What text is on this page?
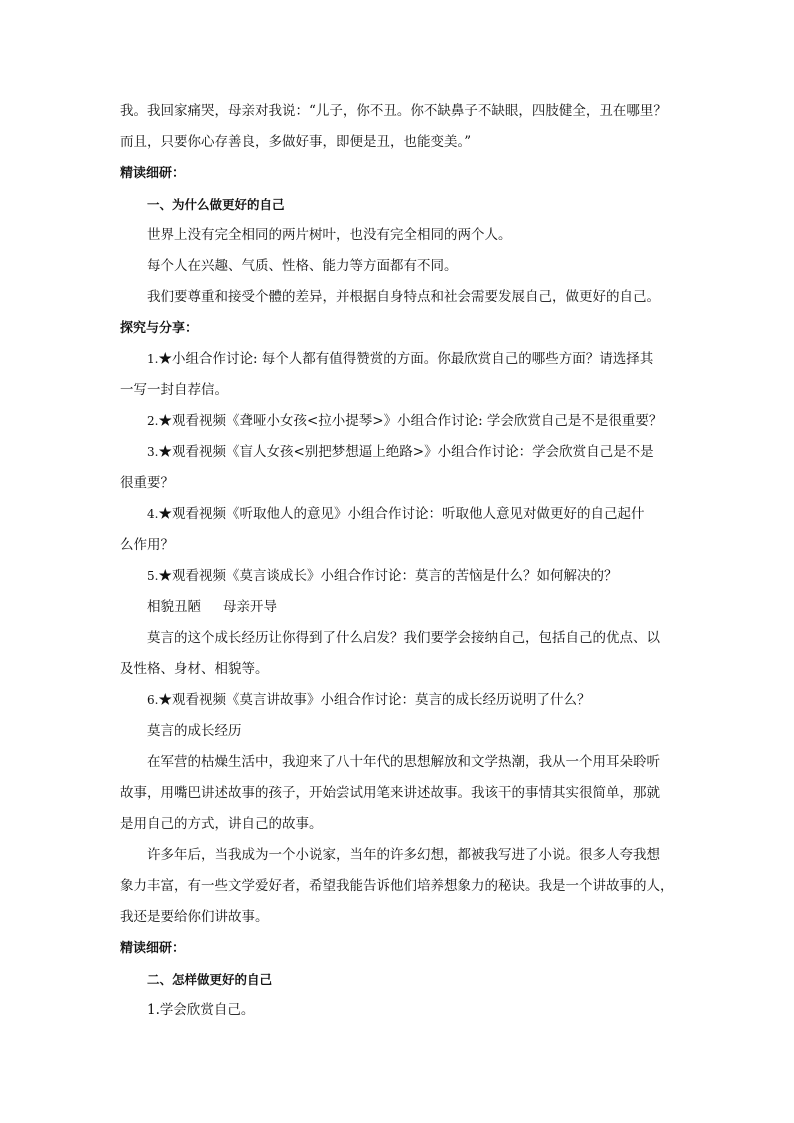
我。我回家痛哭，母亲对我说：“儿子，你不丑。你不缺鼻子不缺眼，四肢健全，丑在哪里？
而且，只要你心存善良，多做好事，即便是丑，也能变美。”
精读细研：
一、为什么做更好的自己
世界上没有完全相同的两片树叶，也没有完全相同的两个人。
每个人在兴趣、气质、性格、能力等方面都有不同。
我们要尊重和接受个體的差异，并根据自身特点和社会需要发展自己，做更好的自己。
探究与分享：
1.★小组合作讨论: 每个人都有值得赞赏的方面。你最欣赏自己的哪些方面？请选择其
一写一封自荐信。
2.★观看视频《聋哑小女孩<拉小提琴>》小组合作讨论: 学会欣赏自己是不是很重要？
3.★观看视频《盲人女孩<别把梦想逼上绝路>》小组合作讨论：学会欣赏自己是不是
很重要？
4.★观看视频《听取他人的意见》小组合作讨论：听取他人意见对做更好的自己起什
么作用？
5.★观看视频《莫言谈成长》小组合作讨论：莫言的苦恼是什么？如何解决的？
相貌丑陋 母亲开导
莫言的这个成长经历让你得到了什么启发？我们要学会接纳自己，包括自己的优点、以
及性格、身材、相貌等。
6.★观看视频《莫言讲故事》小组合作讨论：莫言的成长经历说明了什么？
莫言的成长经历
在军营的枯燥生活中，我迎来了八十年代的思想解放和文学热潮，我从一个用耳朵聆听
故事，用嘴巴讲述故事的孩子，开始尝试用笔来讲述故事。我该干的事情其实很简单，那就
是用自己的方式，讲自己的故事。
许多年后，当我成为一个小说家，当年的许多幻想，都被我写进了小说。很多人夸我想
象力丰富，有一些文学爱好者，希望我能告诉他们培养想象力的秘诀。我是一个讲故事的人，
我还是要给你们讲故事。
精读细研：
二、怎样做更好的自己
1.学会欣赏自己。
